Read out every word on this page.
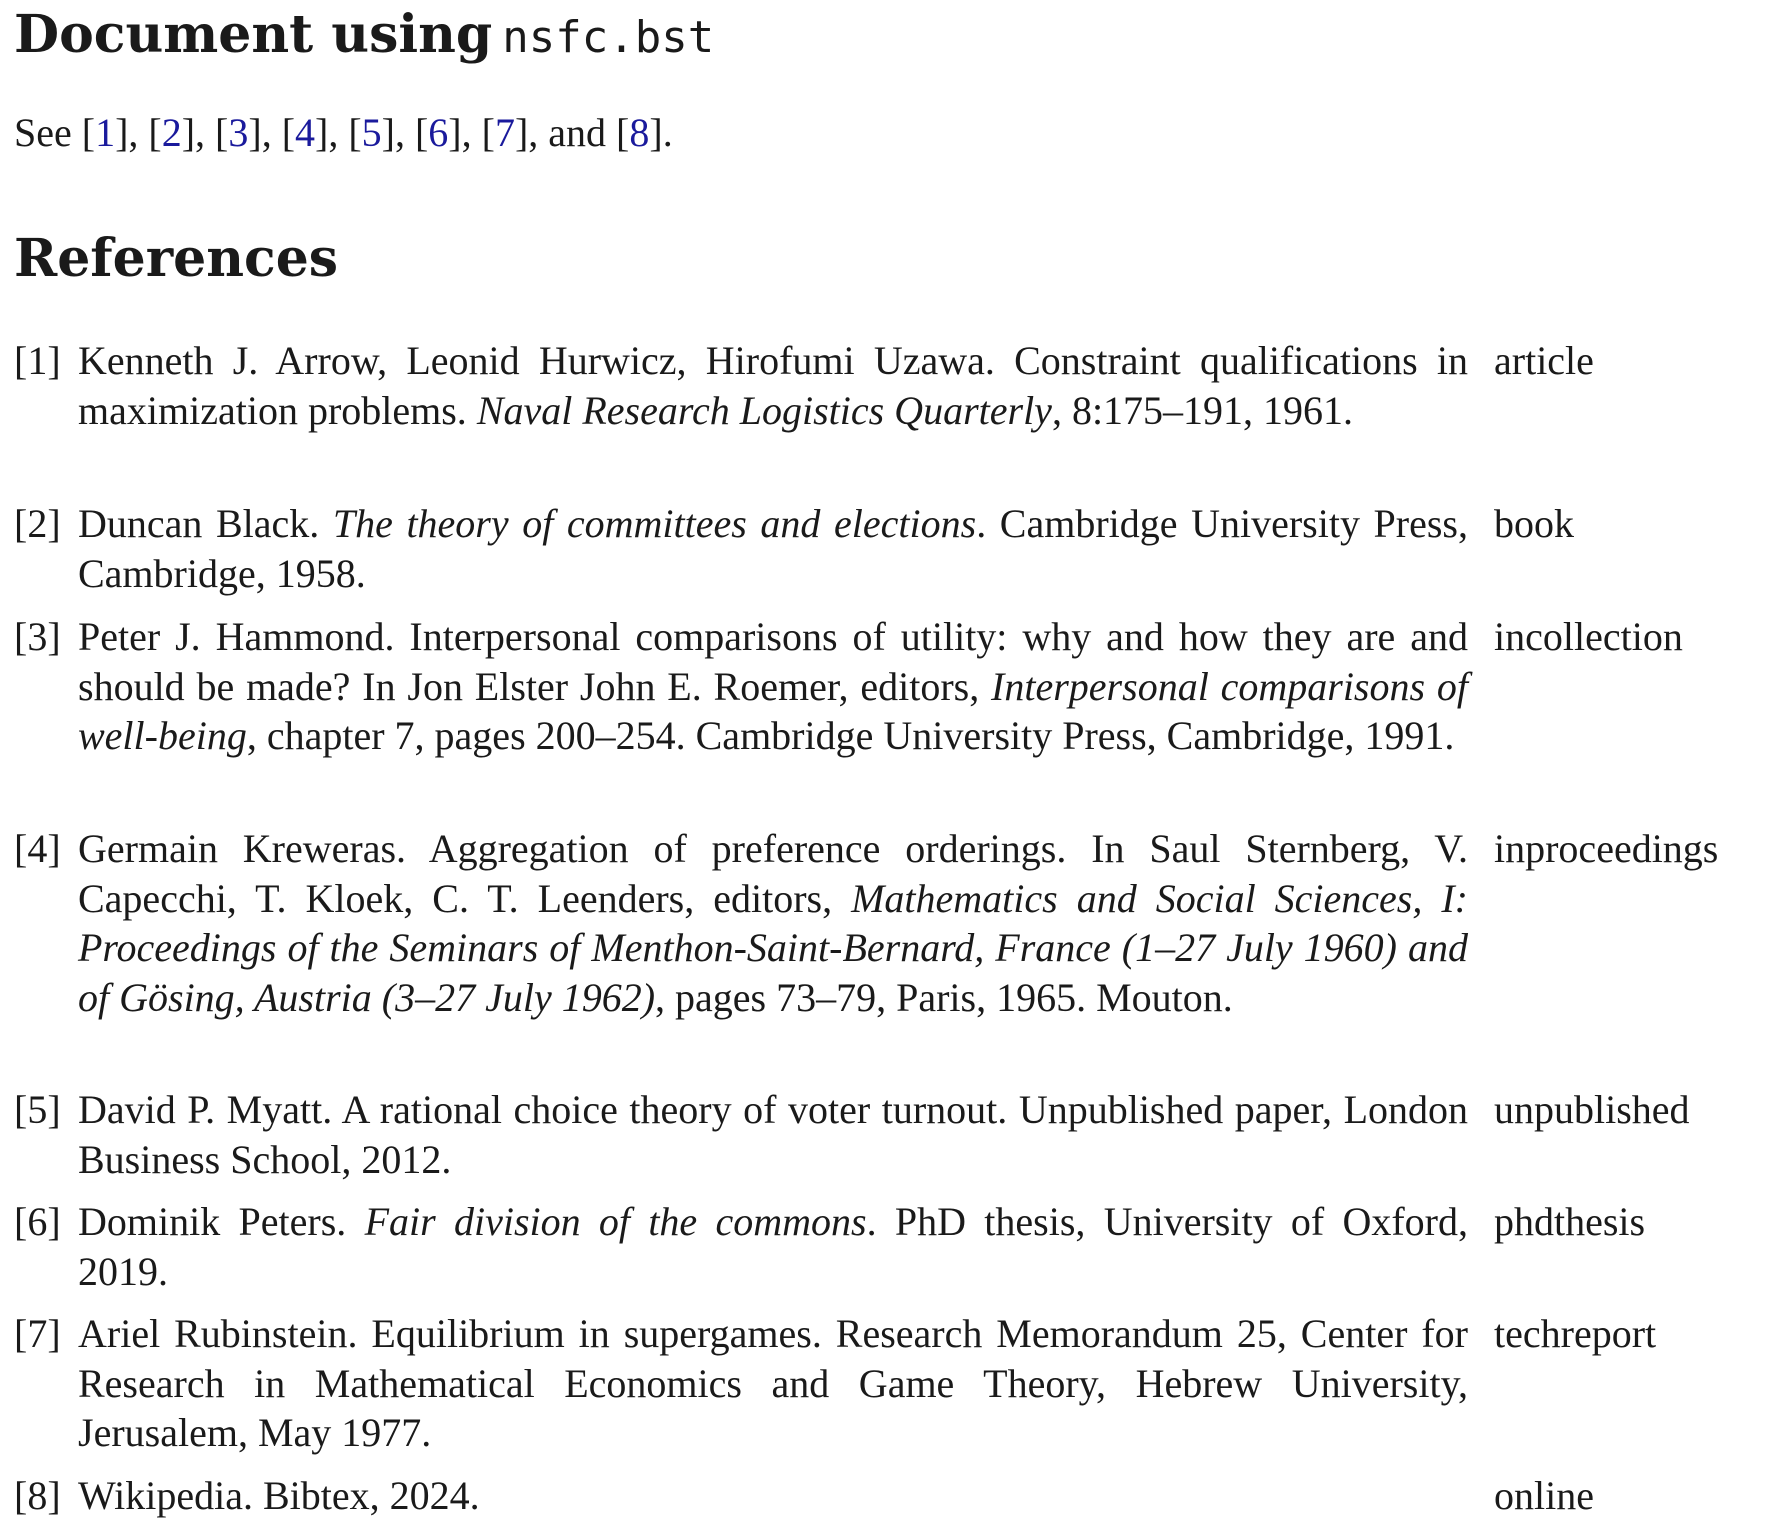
Document using nsfc.bst

See [1], [2], [3], [4], [5], [6], [7], and [8].

References
[1] Kenneth J. Arrow, Leonid Hurwicz, Hirofumi Uzawa. Constraint qualifications in maximization problems. Naval Research Logistics Quarterly, 8:175–191, 1961.
article
[2] Duncan Black. The theory of committees and elections. Cambridge University Press, Cambridge, 1958.
book
[3] Peter J. Hammond. Interpersonal comparisons of utility: why and how they are and should be made? In Jon Elster John E. Roemer, editors, Interpersonal comparisons of well-being, chapter 7, pages 200–254. Cambridge University Press, Cambridge, 1991.
incollection
[4] Germain Kreweras. Aggregation of preference orderings. In Saul Sternberg, V. Capecchi, T. Kloek, C. T. Leenders, editors, Mathematics and Social Sciences, I: Proceedings of the Seminars of Menthon-Saint-Bernard, France (1–27 July 1960) and of Gösing, Austria (3–27 July 1962), pages 73–79, Paris, 1965. Mouton.
inproceedings
[5] David P. Myatt. A rational choice theory of voter turnout. Unpublished paper, London Business School, 2012.
unpublished
[6] Dominik Peters. Fair division of the commons. PhD thesis, University of Oxford, 2019.
phdthesis
[7] Ariel Rubinstein. Equilibrium in supergames. Research Memorandum 25, Center for Research in Mathematical Economics and Game Theory, Hebrew University, Jerusalem, May 1977.
techreport
[8] Wikipedia. Bibtex, 2024.	online
